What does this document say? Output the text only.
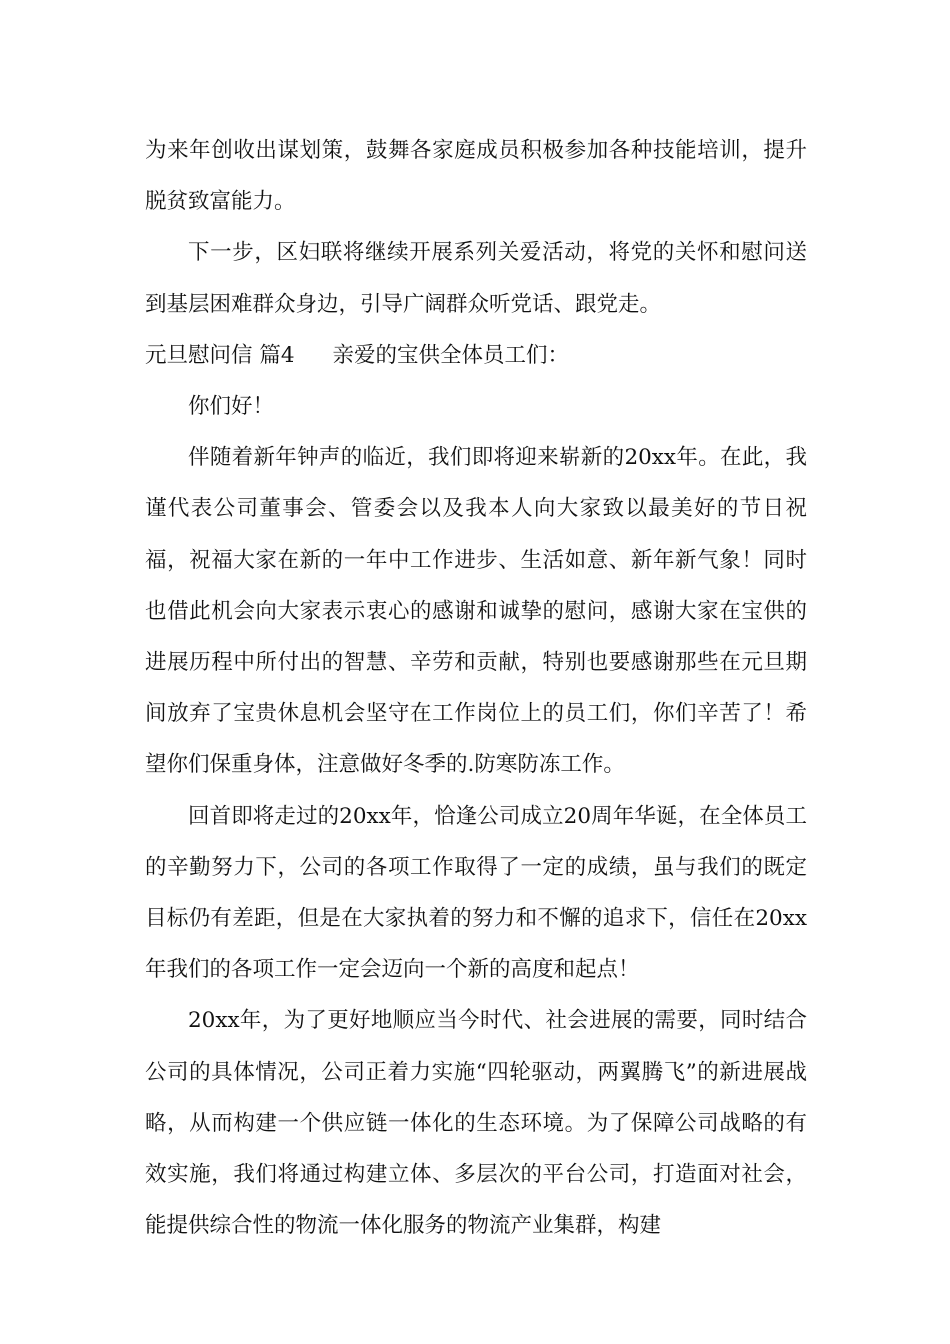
为来年创收出谋划策，鼓舞各家庭成员积极参加各种技能培训，提升脱贫致富能力。

下一步，区妇联将继续开展系列关爱活动，将党的关怀和慰问送到基层困难群众身边，引导广阔群众听党话、跟党走。

元旦慰问信 篇4 亲爱的宝供全体员工们：

你们好！

伴随着新年钟声的临近，我们即将迎来崭新的20xx年。在此，我谨代表公司董事会、管委会以及我本人向大家致以最美好的节日祝福，祝福大家在新的一年中工作进步、生活如意、新年新气象！同时也借此机会向大家表示衷心的感谢和诚挚的慰问，感谢大家在宝供的进展历程中所付出的智慧、辛劳和贡献，特别也要感谢那些在元旦期间放弃了宝贵休息机会坚守在工作岗位上的员工们，你们辛苦了！希望你们保重身体，注意做好冬季的.防寒防冻工作。

回首即将走过的20xx年，恰逢公司成立20周年华诞，在全体员工的辛勤努力下，公司的各项工作取得了一定的成绩，虽与我们的既定目标仍有差距，但是在大家执着的努力和不懈的追求下，信任在20xx年我们的各项工作一定会迈向一个新的高度和起点！

20xx年，为了更好地顺应当今时代、社会进展的需要，同时结合公司的具体情况，公司正着力实施“四轮驱动，两翼腾飞”的新进展战略，从而构建一个供应链一体化的生态环境。为了保障公司战略的有效实施，我们将通过构建立体、多层次的平台公司，打造面对社会，能提供综合性的物流一体化服务的物流产业集群，构建
